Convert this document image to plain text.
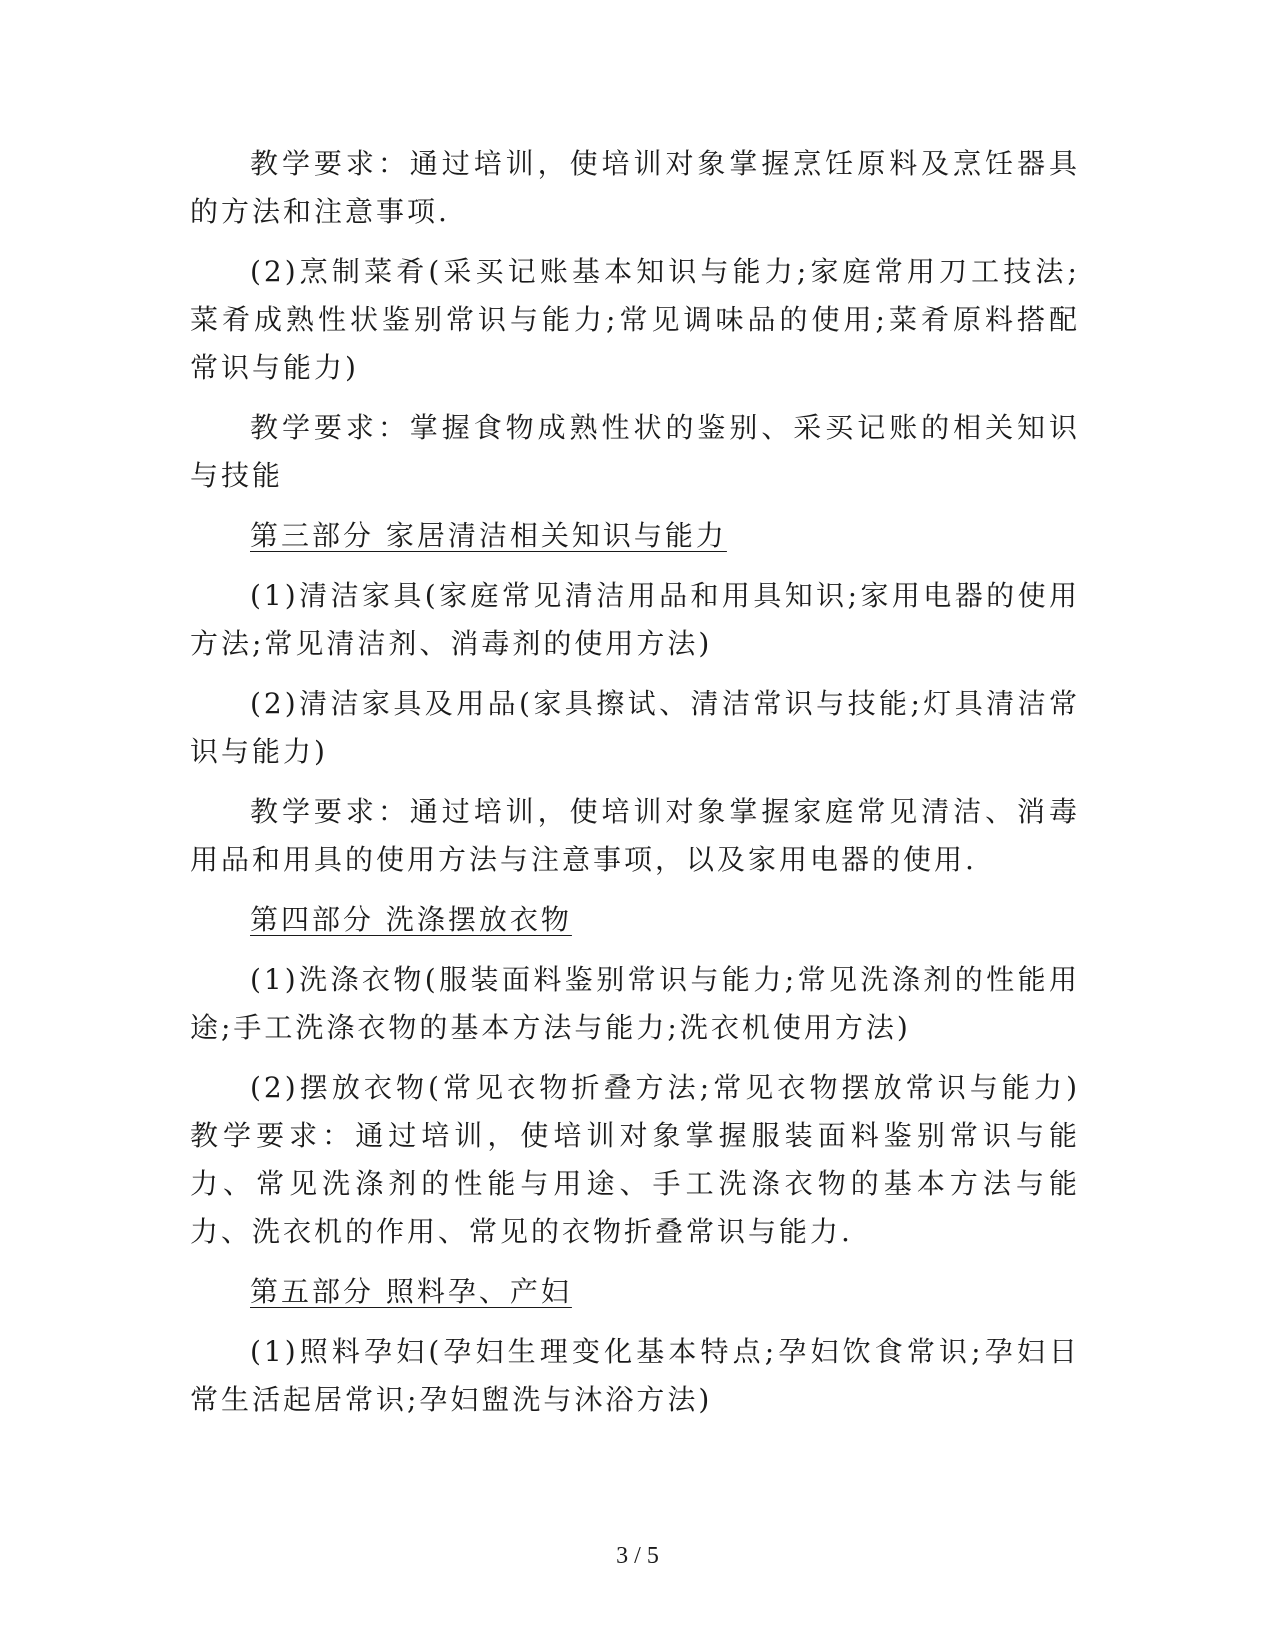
教学要求：通过培训，使培训对象掌握烹饪原料及烹饪器具的方法和注意事项.

(2)烹制菜肴(采买记账基本知识与能力;家庭常用刀工技法;菜肴成熟性状鉴别常识与能力;常见调味品的使用;菜肴原料搭配常识与能力)

教学要求：掌握食物成熟性状的鉴别、采买记账的相关知识与技能

第三部分 家居清洁相关知识与能力

(1)清洁家具(家庭常见清洁用品和用具知识;家用电器的使用方法;常见清洁剂、消毒剂的使用方法)

(2)清洁家具及用品(家具擦试、清洁常识与技能;灯具清洁常识与能力)

教学要求：通过培训，使培训对象掌握家庭常见清洁、消毒用品和用具的使用方法与注意事项，以及家用电器的使用.

第四部分 洗涤摆放衣物

(1)洗涤衣物(服装面料鉴别常识与能力;常见洗涤剂的性能用途;手工洗涤衣物的基本方法与能力;洗衣机使用方法)

(2)摆放衣物(常见衣物折叠方法;常见衣物摆放常识与能力)教学要求：通过培训，使培训对象掌握服装面料鉴别常识与能力、常见洗涤剂的性能与用途、手工洗涤衣物的基本方法与能力、洗衣机的作用、常见的衣物折叠常识与能力.

第五部分 照料孕、产妇

(1)照料孕妇(孕妇生理变化基本特点;孕妇饮食常识;孕妇日常生活起居常识;孕妇盥洗与沐浴方法)

3 / 5
